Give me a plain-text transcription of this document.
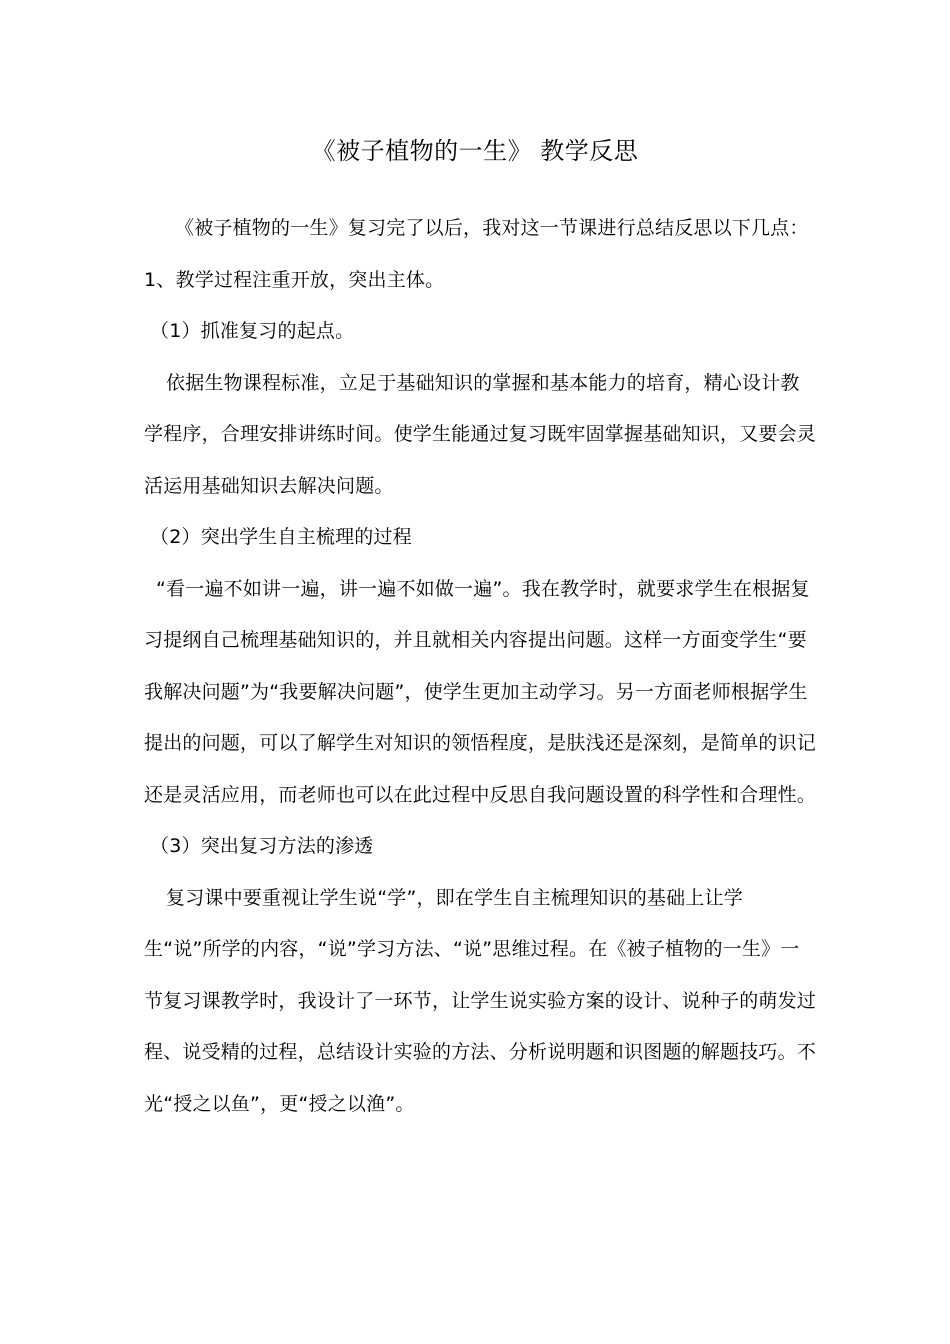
《被子植物的一生》 教学反思

《被子植物的一生》复习完了以后，我对这一节课进行总结反思以下几点：

1、教学过程注重开放，突出主体。

（1）抓准复习的起点。

依据生物课程标准，立足于基础知识的掌握和基本能力的培育，精心设计教学程序，合理安排讲练时间。使学生能通过复习既牢固掌握基础知识，又要会灵活运用基础知识去解决问题。

（2）突出学生自主梳理的过程

“看一遍不如讲一遍，讲一遍不如做一遍”。我在教学时，就要求学生在根据复习提纲自己梳理基础知识的，并且就相关内容提出问题。这样一方面变学生“要我解决问题”为“我要解决问题”，使学生更加主动学习。另一方面老师根据学生提出的问题，可以了解学生对知识的领悟程度，是肤浅还是深刻，是简单的识记还是灵活应用，而老师也可以在此过程中反思自我问题设置的科学性和合理性。

（3）突出复习方法的渗透

复习课中要重视让学生说“学”，即在学生自主梳理知识的基础上让学生“说”所学的内容，“说”学习方法、“说”思维过程。在《被子植物的一生》一节复习课教学时，我设计了一环节，让学生说实验方案的设计、说种子的萌发过程、说受精的过程，总结设计实验的方法、分析说明题和识图题的解题技巧。不光“授之以鱼”，更“授之以渔”。
